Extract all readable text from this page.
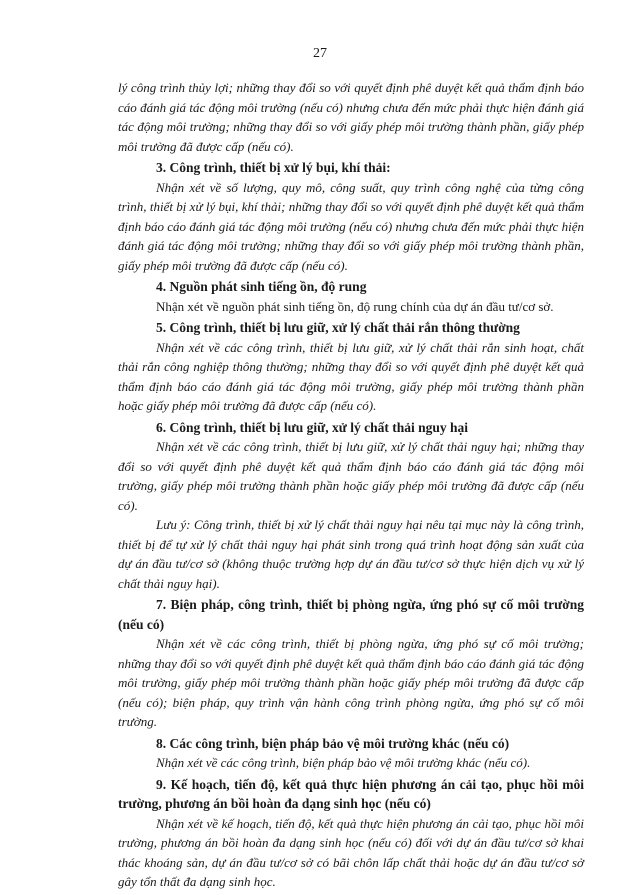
27

lý công trình thủy lợi; những thay đổi so với quyết định phê duyệt kết quả thẩm định báo cáo đánh giá tác động môi trường (nếu có) nhưng chưa đến mức phải thực hiện đánh giá tác động môi trường; những thay đổi so với giấy phép môi trường thành phần, giấy phép môi trường đã được cấp (nếu có).

3. Công trình, thiết bị xử lý bụi, khí thải:

Nhận xét về số lượng, quy mô, công suất, quy trình công nghệ của từng công trình, thiết bị xử lý bụi, khí thải; những thay đổi so với quyết định phê duyệt kết quả thẩm định báo cáo đánh giá tác động môi trường (nếu có) nhưng chưa đến mức phải thực hiện đánh giá tác động môi trường; những thay đổi so với giấy phép môi trường thành phần, giấy phép môi trường đã được cấp (nếu có).

4. Nguồn phát sinh tiếng ồn, độ rung

Nhận xét về nguồn phát sinh tiếng ồn, độ rung chính của dự án đầu tư/cơ sở.

5. Công trình, thiết bị lưu giữ, xử lý chất thải rắn thông thường

Nhận xét về các công trình, thiết bị lưu giữ, xử lý chất thải rắn sinh hoạt, chất thải rắn công nghiệp thông thường; những thay đổi so với quyết định phê duyệt kết quả thẩm định báo cáo đánh giá tác động môi trường, giấy phép môi trường thành phần hoặc giấy phép môi trường đã được cấp (nếu có).

6. Công trình, thiết bị lưu giữ, xử lý chất thải nguy hại

Nhận xét về các công trình, thiết bị lưu giữ, xử lý chất thải nguy hại; những thay đổi so với quyết định phê duyệt kết quả thẩm định báo cáo đánh giá tác động môi trường, giấy phép môi trường thành phần hoặc giấy phép môi trường đã được cấp (nếu có).

Lưu ý: Công trình, thiết bị xử lý chất thải nguy hại nêu tại mục này là công trình, thiết bị để tự xử lý chất thải nguy hại phát sinh trong quá trình hoạt động sản xuất của dự án đầu tư/cơ sở (không thuộc trường hợp dự án đầu tư/cơ sở thực hiện dịch vụ xử lý chất thải nguy hại).

7. Biện pháp, công trình, thiết bị phòng ngừa, ứng phó sự cố môi trường (nếu có)

Nhận xét về các công trình, thiết bị phòng ngừa, ứng phó sự cố môi trường; những thay đổi so với quyết định phê duyệt kết quả thẩm định báo cáo đánh giá tác động môi trường, giấy phép môi trường thành phần hoặc giấy phép môi trường đã được cấp (nếu có); biện pháp, quy trình vận hành công trình phòng ngừa, ứng phó sự cố môi trường.

8. Các công trình, biện pháp bảo vệ môi trường khác (nếu có)

Nhận xét về các công trình, biện pháp bảo vệ môi trường khác (nếu có).

9. Kế hoạch, tiến độ, kết quả thực hiện phương án cải tạo, phục hồi môi trường, phương án bồi hoàn đa dạng sinh học (nếu có)

Nhận xét về kế hoạch, tiến độ, kết quả thực hiện phương án cải tạo, phục hồi môi trường, phương án bồi hoàn đa dạng sinh học (nếu có) đối với dự án đầu tư/cơ sở khai thác khoáng sản, dự án đầu tư/cơ sở có bãi chôn lấp chất thải hoặc dự án đầu tư/cơ sở gây tổn thất đa dạng sinh học.
